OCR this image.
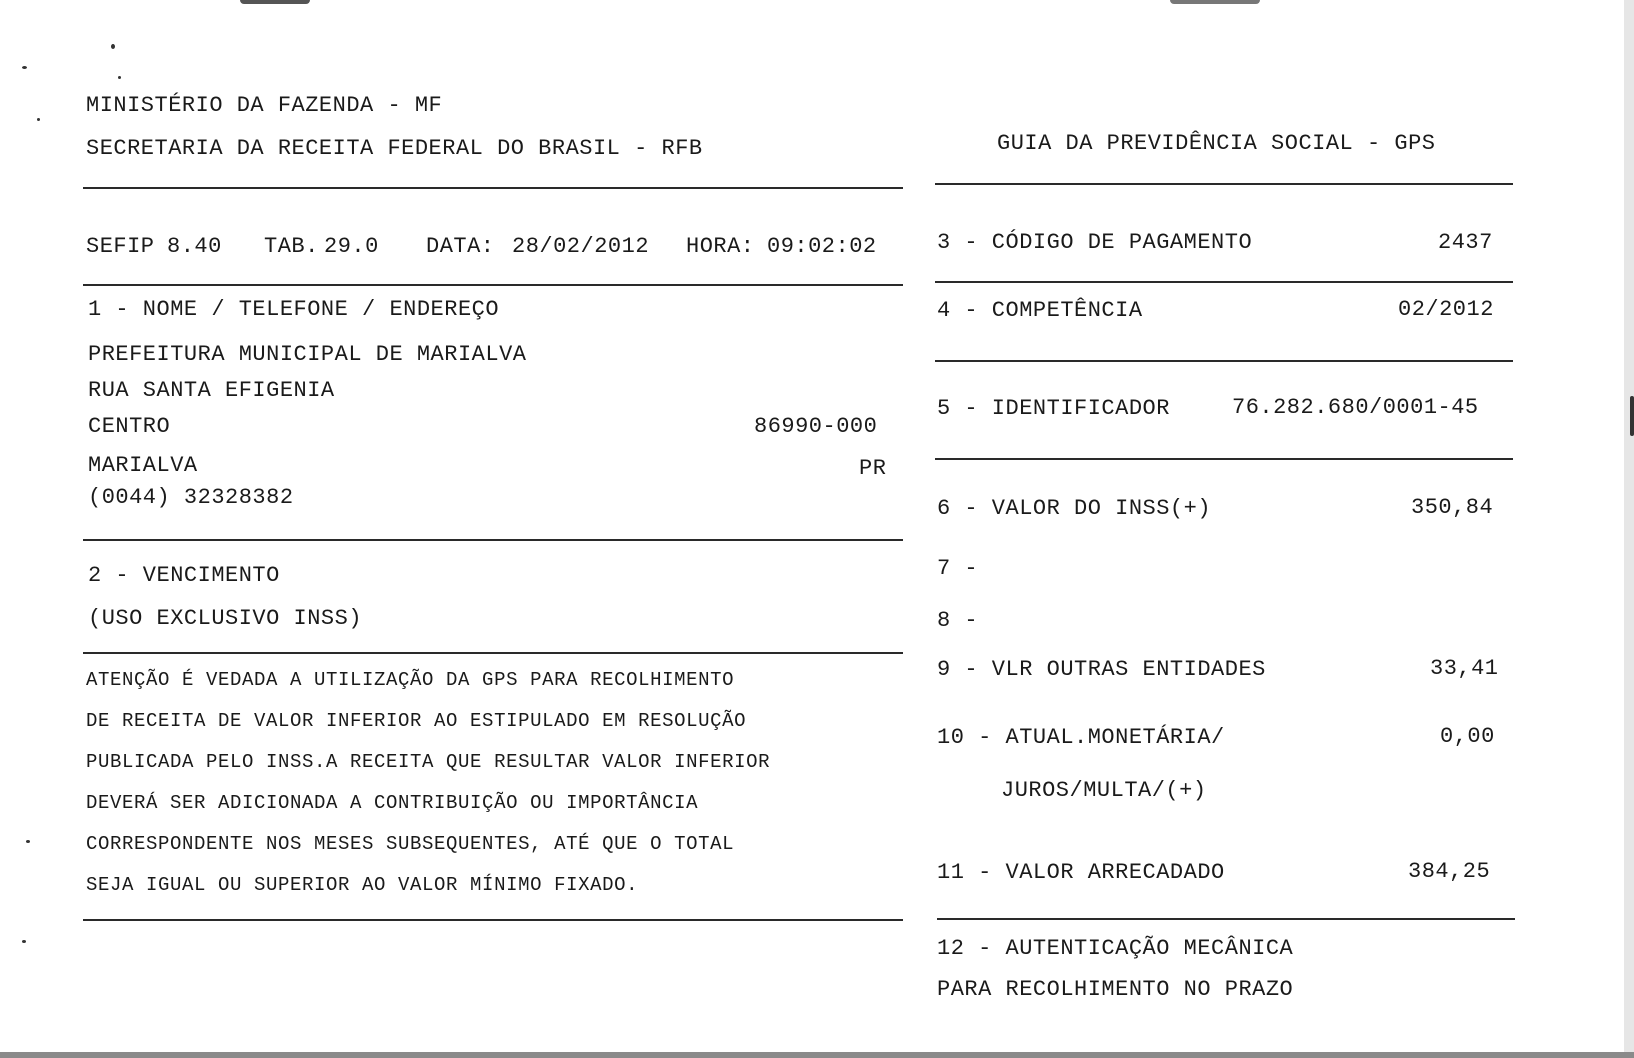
MINISTÉRIO DA FAZENDA - MF
SECRETARIA DA RECEITA FEDERAL DO BRASIL - RFB	GUIA DA PREVIDÊNCIA SOCIAL - GPS
SEFIP 8.40 TAB. 29.0 DATA: 28/02/2012 HORA: 09:02:02
1 - NOME / TELEFONE / ENDEREÇO
PREFEITURA MUNICIPAL DE MARIALVA
RUA SANTA EFIGENIA
CENTRO	86990-000
MARIALVA	PR
(0044) 32328382
2 - VENCIMENTO
(USO EXCLUSIVO INSS)
ATENÇÃO É VEDADA A UTILIZAÇÃO DA GPS PARA RECOLHIMENTO
DE RECEITA DE VALOR INFERIOR AO ESTIPULADO EM RESOLUÇÃO
PUBLICADA PELO INSS.A RECEITA QUE RESULTAR VALOR INFERIOR
DEVERÁ SER ADICIONADA A CONTRIBUIÇÃO OU IMPORTÂNCIA
CORRESPONDENTE NOS MESES SUBSEQUENTES, ATÉ QUE O TOTAL
SEJA IGUAL OU SUPERIOR AO VALOR MÍNIMO FIXADO.
3 - CÓDIGO DE PAGAMENTO	2437
4 - COMPETÊNCIA	02/2012
5 - IDENTIFICADOR	76.282.680/0001-45
6 - VALOR DO INSS(+)	350,84
7 -
8 -
9 - VLR OUTRAS ENTIDADES	33,41
10 - ATUAL.MONETÁRIA/	0,00
JUROS/MULTA/(+)
11 - VALOR ARRECADADO	384,25
12 - AUTENTICAÇÃO MECÂNICA
PARA RECOLHIMENTO NO PRAZO
